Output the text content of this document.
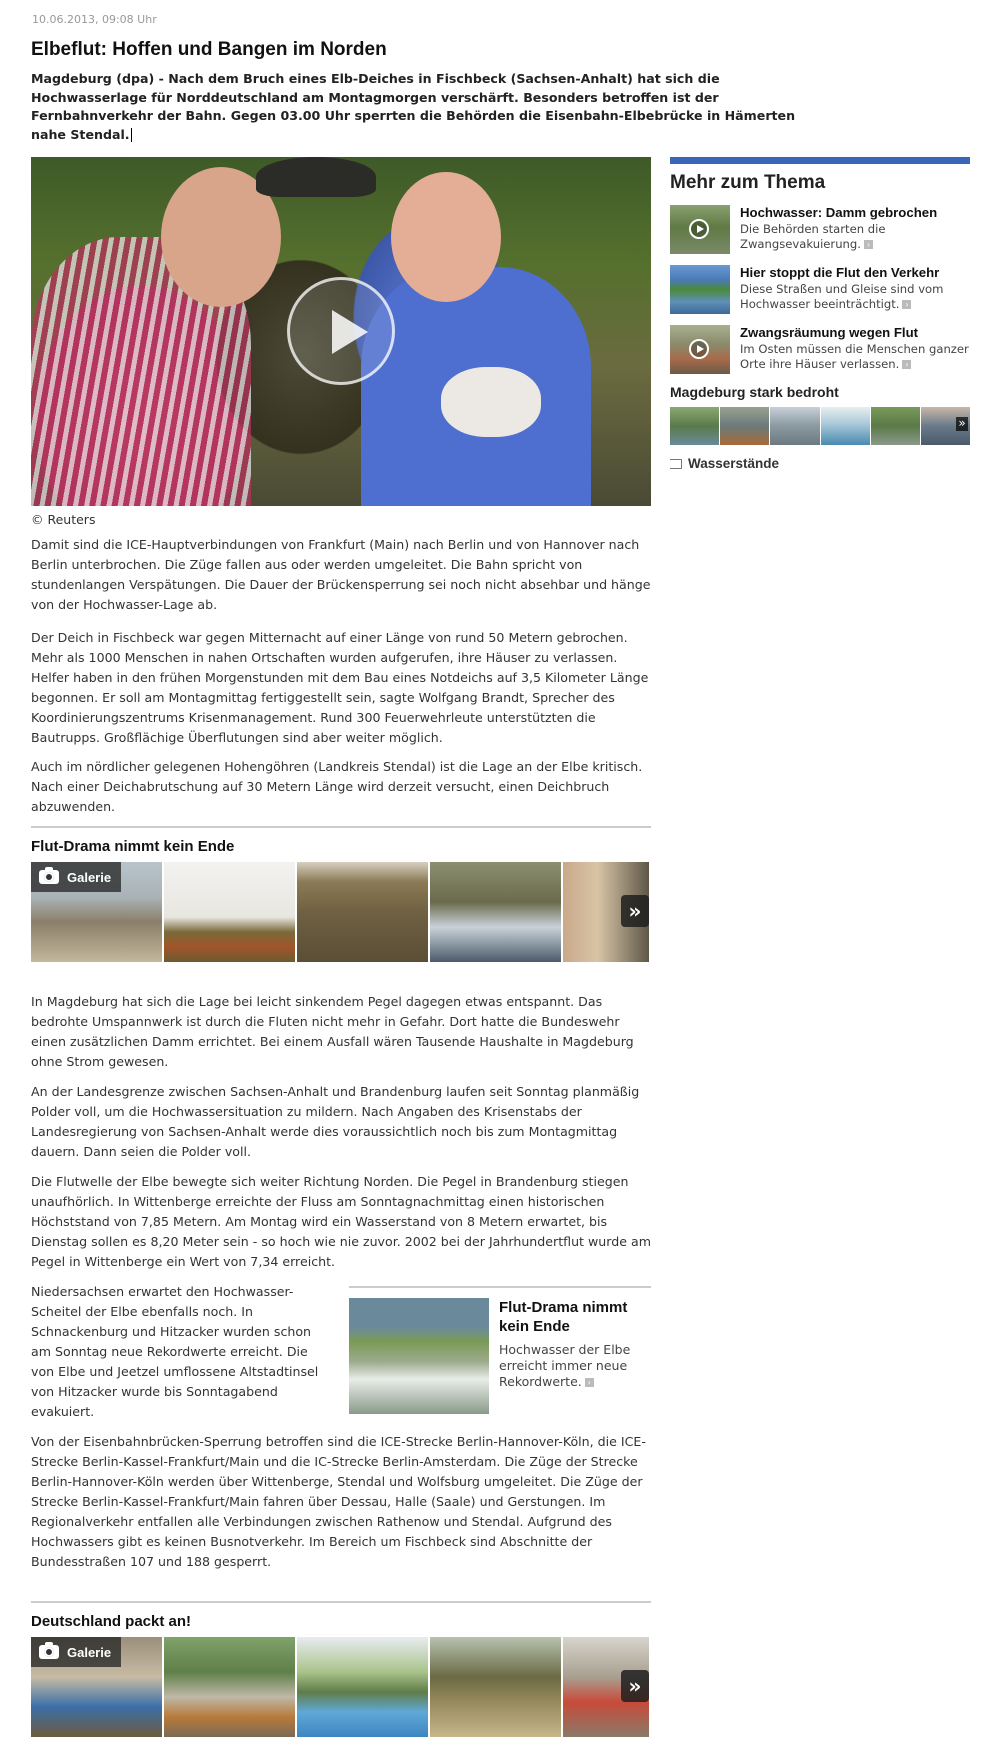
10.06.2013, 09:08 Uhr
Elbeflut: Hoffen und Bangen im Norden
Magdeburg (dpa) - Nach dem Bruch eines Elb-Deiches in Fischbeck (Sachsen-Anhalt) hat sich die Hochwasserlage für Norddeutschland am Montagmorgen verschärft. Besonders betroffen ist der Fernbahnverkehr der Bahn. Gegen 03.00 Uhr sperrten die Behörden die Eisenbahn-Elbebrücke in Hämerten nahe Stendal.
© Reuters

Damit sind die ICE-Hauptverbindungen von Frankfurt (Main) nach Berlin und von Hannover nach Berlin unterbrochen. Die Züge fallen aus oder werden umgeleitet. Die Bahn spricht von stundenlangen Verspätungen. Die Dauer der Brückensperrung sei noch nicht absehbar und hänge von der Hochwasser-Lage ab.

Der Deich in Fischbeck war gegen Mitternacht auf einer Länge von rund 50 Metern gebrochen. Mehr als 1000 Menschen in nahen Ortschaften wurden aufgerufen, ihre Häuser zu verlassen. Helfer haben in den frühen Morgenstunden mit dem Bau eines Notdeichs auf 3,5 Kilometer Länge begonnen. Er soll am Montagmittag fertiggestellt sein, sagte Wolfgang Brandt, Sprecher des Koordinierungszentrums Krisenmanagement. Rund 300 Feuerwehrleute unterstützten die Bautrupps. Großflächige Überflutungen sind aber weiter möglich.

Auch im nördlicher gelegenen Hohengöhren (Landkreis Stendal) ist die Lage an der Elbe kritisch. Nach einer Deichabrutschung auf 30 Metern Länge wird derzeit versucht, einen Deichbruch abzuwenden.

Flut-Drama nimmt kein Ende
Galerie
»

In Magdeburg hat sich die Lage bei leicht sinkendem Pegel dagegen etwas entspannt. Das bedrohte Umspannwerk ist durch die Fluten nicht mehr in Gefahr. Dort hatte die Bundeswehr einen zusätzlichen Damm errichtet. Bei einem Ausfall wären Tausende Haushalte in Magdeburg ohne Strom gewesen.

An der Landesgrenze zwischen Sachsen-Anhalt und Brandenburg laufen seit Sonntag planmäßig Polder voll, um die Hochwassersituation zu mildern. Nach Angaben des Krisenstabs der Landesregierung von Sachsen-Anhalt werde dies voraussichtlich noch bis zum Montagmittag dauern. Dann seien die Polder voll.

Die Flutwelle der Elbe bewegte sich weiter Richtung Norden. Die Pegel in Brandenburg stiegen unaufhörlich. In Wittenberge erreichte der Fluss am Sonntagnachmittag einen historischen Höchststand von 7,85 Metern. Am Montag wird ein Wasserstand von 8 Metern erwartet, bis Dienstag sollen es 8,20 Meter sein - so hoch wie nie zuvor. 2002 bei der Jahrhundertflut wurde am Pegel in Wittenberge ein Wert von 7,34 erreicht.

Niedersachsen erwartet den Hochwasser-Scheitel der Elbe ebenfalls noch. In Schnackenburg und Hitzacker wurden schon am Sonntag neue Rekordwerte erreicht. Die von Elbe und Jeetzel umflossene Altstadtinsel von Hitzacker wurde bis Sonntagabend evakuiert.

Flut-Drama nimmt kein Ende

Hochwasser der Elbe erreicht immer neue Rekordwerte. ›

Von der Eisenbahnbrücken-Sperrung betroffen sind die ICE-Strecke Berlin-Hannover-Köln, die ICE-Strecke Berlin-Kassel-Frankfurt/Main und die IC-Strecke Berlin-Amsterdam. Die Züge der Strecke Berlin-Hannover-Köln werden über Wittenberge, Stendal und Wolfsburg umgeleitet. Die Züge der Strecke Berlin-Kassel-Frankfurt/Main fahren über Dessau, Halle (Saale) und Gerstungen. Im Regionalverkehr entfallen alle Verbindungen zwischen Rathenow und Stendal. Aufgrund des Hochwassers gibt es keinen Busnotverkehr. Im Bereich um Fischbeck sind Abschnitte der Bundesstraßen 107 und 188 gesperrt.

Deutschland packt an!
Galerie
»
Mehr zum Thema
Hochwasser: Damm gebrochen

Die Behörden starten die Zwangsevakuierung. ›

Hier stoppt die Flut den Verkehr

Diese Straßen und Gleise sind vom Hochwasser beeinträchtigt. ›

Zwangsräumung wegen Flut

Im Osten müssen die Menschen ganzer Orte ihre Häuser verlassen. ›

Magdeburg stark bedroht
»
Wasserstände
